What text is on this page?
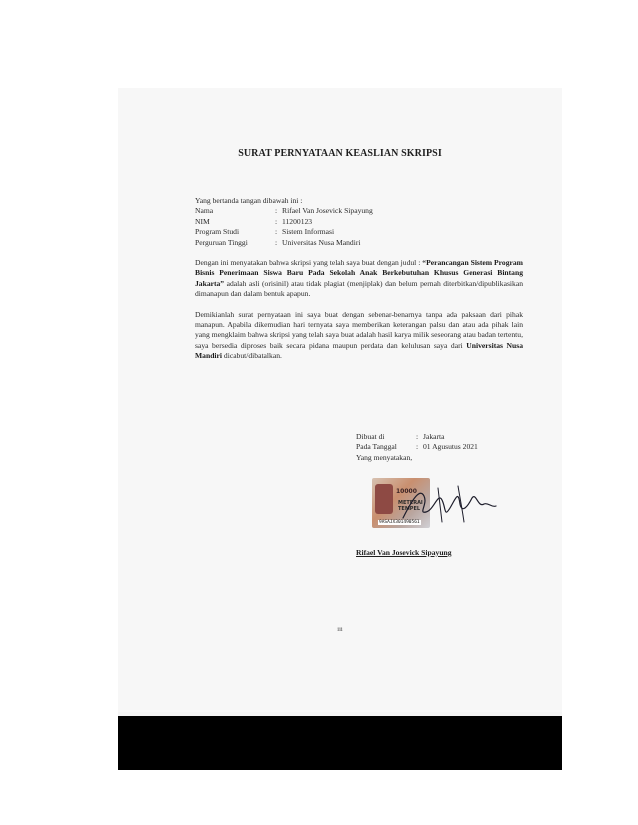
SURAT PERNYATAAN KEASLIAN SKRIPSI

Yang bertanda tangan dibawah ini :

Nama	: Rifael Van Josevick Sipayung
NIM	: 11200123
Program Studi	: Sistem Informasi
Perguruan Tinggi	: Universitas Nusa Mandiri

Dengan ini menyatakan bahwa skripsi yang telah saya buat dengan judul : “Perancangan Sistem Program Bisnis Penerimaan Siswa Baru Pada Sekolah Anak Berkebutuhan Khusus Generasi Bintang Jakarta” adalah asli (orisinil) atau tidak plagiat (menjiplak) dan belum pernah diterbitkan/dipublikasikan dimanapun dan dalam bentuk apapun.

Demikianlah surat pernyataan ini saya buat dengan sebenar-benarnya tanpa ada paksaan dari pihak manapun. Apabila dikemudian hari ternyata saya memberikan keterangan palsu dan atau ada pihak lain yang mengklaim bahwa skripsi yang telah saya buat adalah hasil karya milik seseorang atau badan tertentu, saya bersedia diproses baik secara pidana maupun perdata dan kelulusan saya dari Universitas Nusa Mandiri dicabut/dibatalkan.

Dibuat di	: Jakarta
Pada Tanggal	: 01 Agusutus 2021
Yang menyatakan,
10000
METERAI TEMPEL
9ASAJX301490561
Rifael Van Josevick Sipayung
iii
